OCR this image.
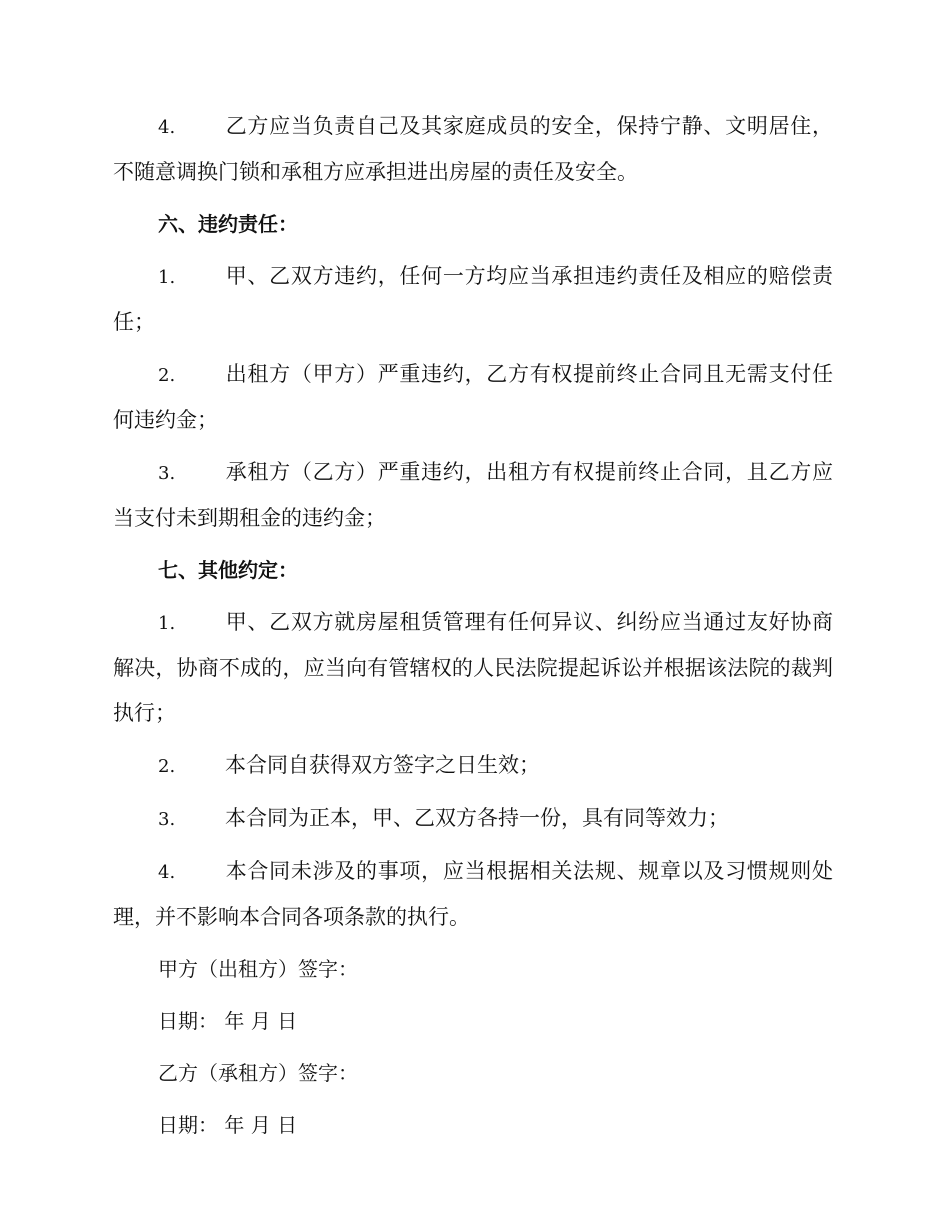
4. 乙方应当负责自己及其家庭成员的安全，保持宁静、文明居住，不随意调换门锁和承租方应承担进出房屋的责任及安全。

六、违约责任：

1. 甲、乙双方违约，任何一方均应当承担违约责任及相应的赔偿责任；

2. 出租方（甲方）严重违约，乙方有权提前终止合同且无需支付任何违约金；

3. 承租方（乙方）严重违约，出租方有权提前终止合同，且乙方应当支付未到期租金的违约金；

七、其他约定：

1. 甲、乙双方就房屋租赁管理有任何异议、纠纷应当通过友好协商解决，协商不成的，应当向有管辖权的人民法院提起诉讼并根据该法院的裁判执行；

2. 本合同自获得双方签字之日生效；

3. 本合同为正本，甲、乙双方各持一份，具有同等效力；

4. 本合同未涉及的事项，应当根据相关法规、规章以及习惯规则处理，并不影响本合同各项条款的执行。

甲方（出租方）签字：

日期： 年 月 日

乙方（承租方）签字：

日期： 年 月 日
